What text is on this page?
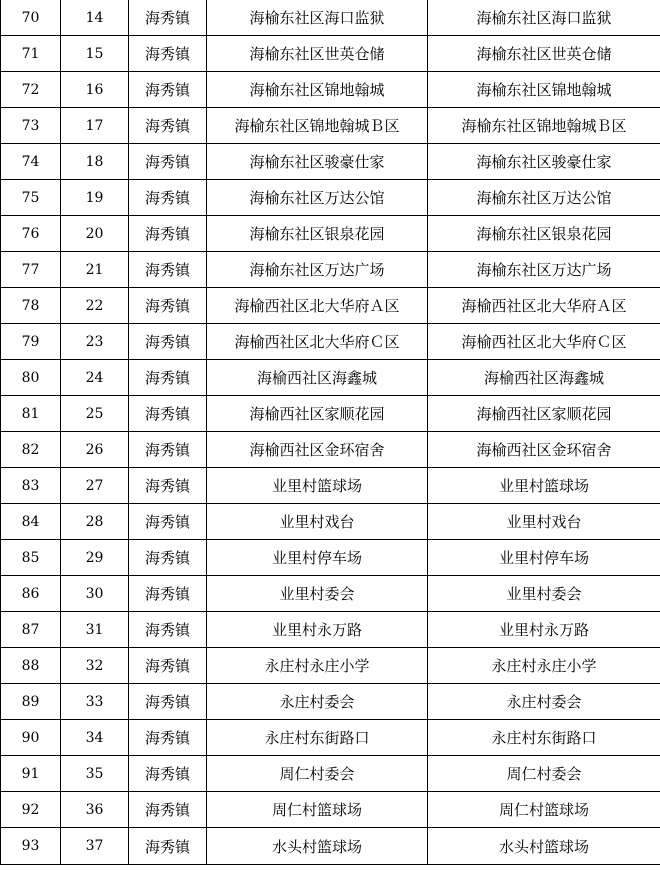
70	14	海秀镇	海榆东社区海口监狱	海榆东社区海口监狱
71	15	海秀镇	海榆东社区世英仓储	海榆东社区世英仓储
72	16	海秀镇	海榆东社区锦地翰城	海榆东社区锦地翰城
73	17	海秀镇	海榆东社区锦地翰城Ｂ区	海榆东社区锦地翰城Ｂ区
74	18	海秀镇	海榆东社区骏豪仕家	海榆东社区骏豪仕家
75	19	海秀镇	海榆东社区万达公馆	海榆东社区万达公馆
76	20	海秀镇	海榆东社区银泉花园	海榆东社区银泉花园
77	21	海秀镇	海榆东社区万达广场	海榆东社区万达广场
78	22	海秀镇	海榆西社区北大华府Ａ区	海榆西社区北大华府Ａ区
79	23	海秀镇	海榆西社区北大华府Ｃ区	海榆西社区北大华府Ｃ区
80	24	海秀镇	海榆西社区海鑫城	海榆西社区海鑫城
81	25	海秀镇	海榆西社区家顺花园	海榆西社区家顺花园
82	26	海秀镇	海榆西社区金环宿舍	海榆西社区金环宿舍
83	27	海秀镇	业里村篮球场	业里村篮球场
84	28	海秀镇	业里村戏台	业里村戏台
85	29	海秀镇	业里村停车场	业里村停车场
86	30	海秀镇	业里村委会	业里村委会
87	31	海秀镇	业里村永万路	业里村永万路
88	32	海秀镇	永庄村永庄小学	永庄村永庄小学
89	33	海秀镇	永庄村委会	永庄村委会
90	34	海秀镇	永庄村东街路口	永庄村东街路口
91	35	海秀镇	周仁村委会	周仁村委会
92	36	海秀镇	周仁村篮球场	周仁村篮球场
93	37	海秀镇	水头村篮球场	水头村篮球场
